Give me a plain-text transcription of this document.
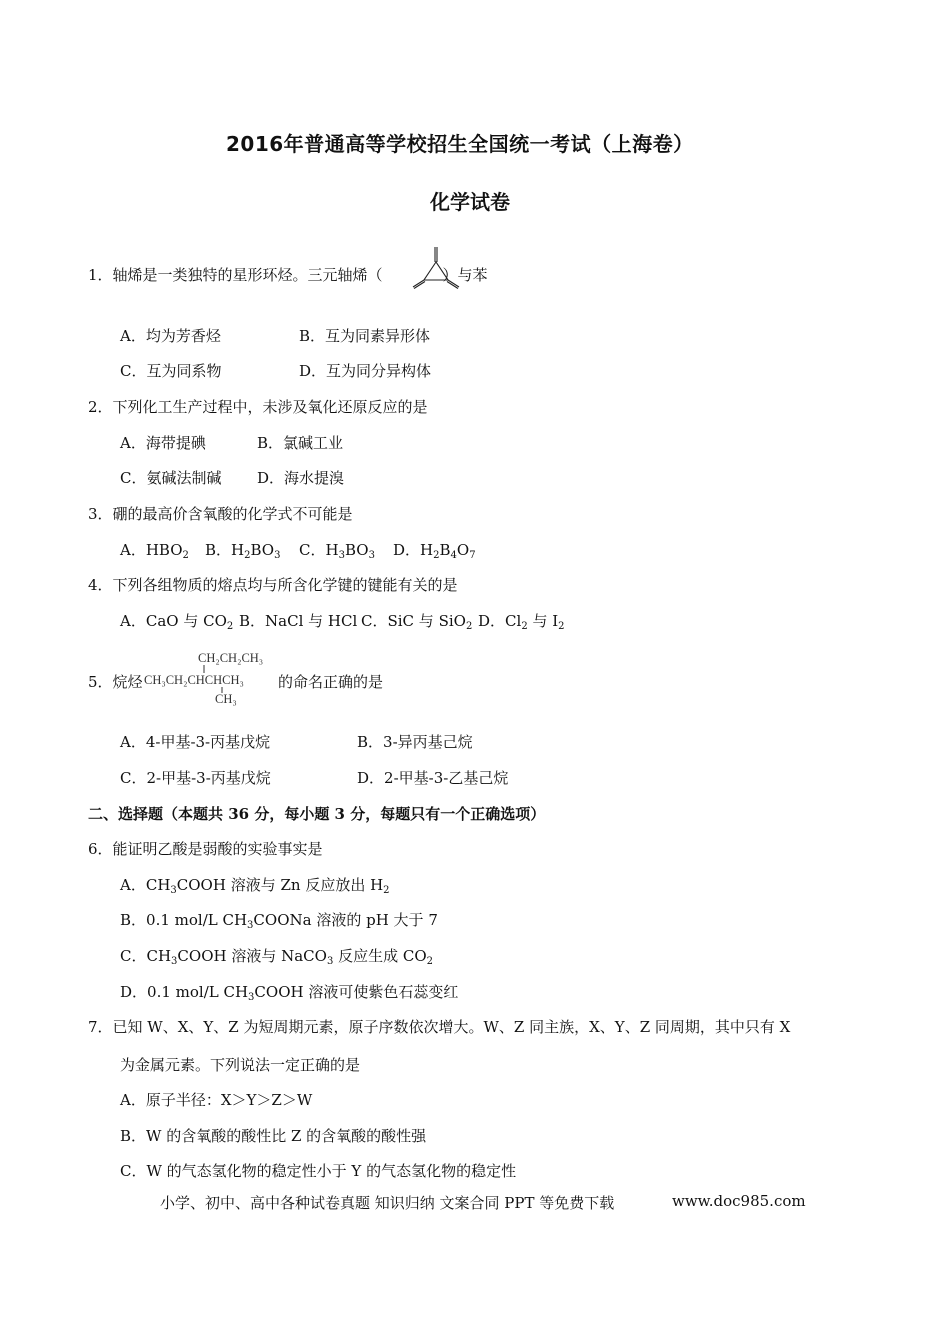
2016年普通高等学校招生全国统一考试（上海卷）
化学试卷
1．轴烯是一类独特的星形环烃。三元轴烯（	）与苯
A．均为芳香烃	B．互为同素异形体
C．互为同系物	D．互为同分异构体
2．下列化工生产过程中，未涉及氧化还原反应的是
A．海带提碘	B．氯碱工业
C．氨碱法制碱 D．海水提溴
3．硼的最高价含氧酸的化学式不可能是
A．$HBO_2$ B．$H_2BO_3$ C．$H_3BO_3$ D．$H_2B_4O_7$
4．下列各组物质的熔点均与所含化学键的键能有关的是
A．CaO 与 $CO_2$ B．NaCl 与 HCl C．SiC 与 SiO$_2$ D．$Cl_2$ 与 $I_2$
5．烷烃	的命名正确的是
CH₂CH₂CH₃
CH₃CH₂CHCHCH₃
CH₃
A．4-甲基-3-丙基戊烷	B．3-异丙基己烷
C．2-甲基-3-丙基戊烷	D．2-甲基-3-乙基己烷
二、选择题（本题共 36 分，每小题 3 分，每题只有一个正确选项）
6．能证明乙酸是弱酸的实验事实是
A．$CH_3COOH$ 溶液与 Zn 反应放出 $H_2$
B．0.1 mol/L $CH_3COONa$ 溶液的 pH 大于 7
C．$CH_3COOH$ 溶液与 NaCO$_3$ 反应生成 $CO_2$
D．0.1 mol/L $CH_3COOH$ 溶液可使紫色石蕊变红
7．已知 W、X、Y、Z 为短周期元素，原子序数依次增大。W、Z 同主族，X、Y、Z 同周期，其中只有 X
为金属元素。下列说法一定正确的是
A．原子半径：X＞Y＞Z＞W
B．W 的含氧酸的酸性比 Z 的含氧酸的酸性强
C．W 的气态氢化物的稳定性小于 Y 的气态氢化物的稳定性
小学、初中、高中各种试卷真题 知识归纳 文案合同 PPT 等免费下载	www.doc985.com
